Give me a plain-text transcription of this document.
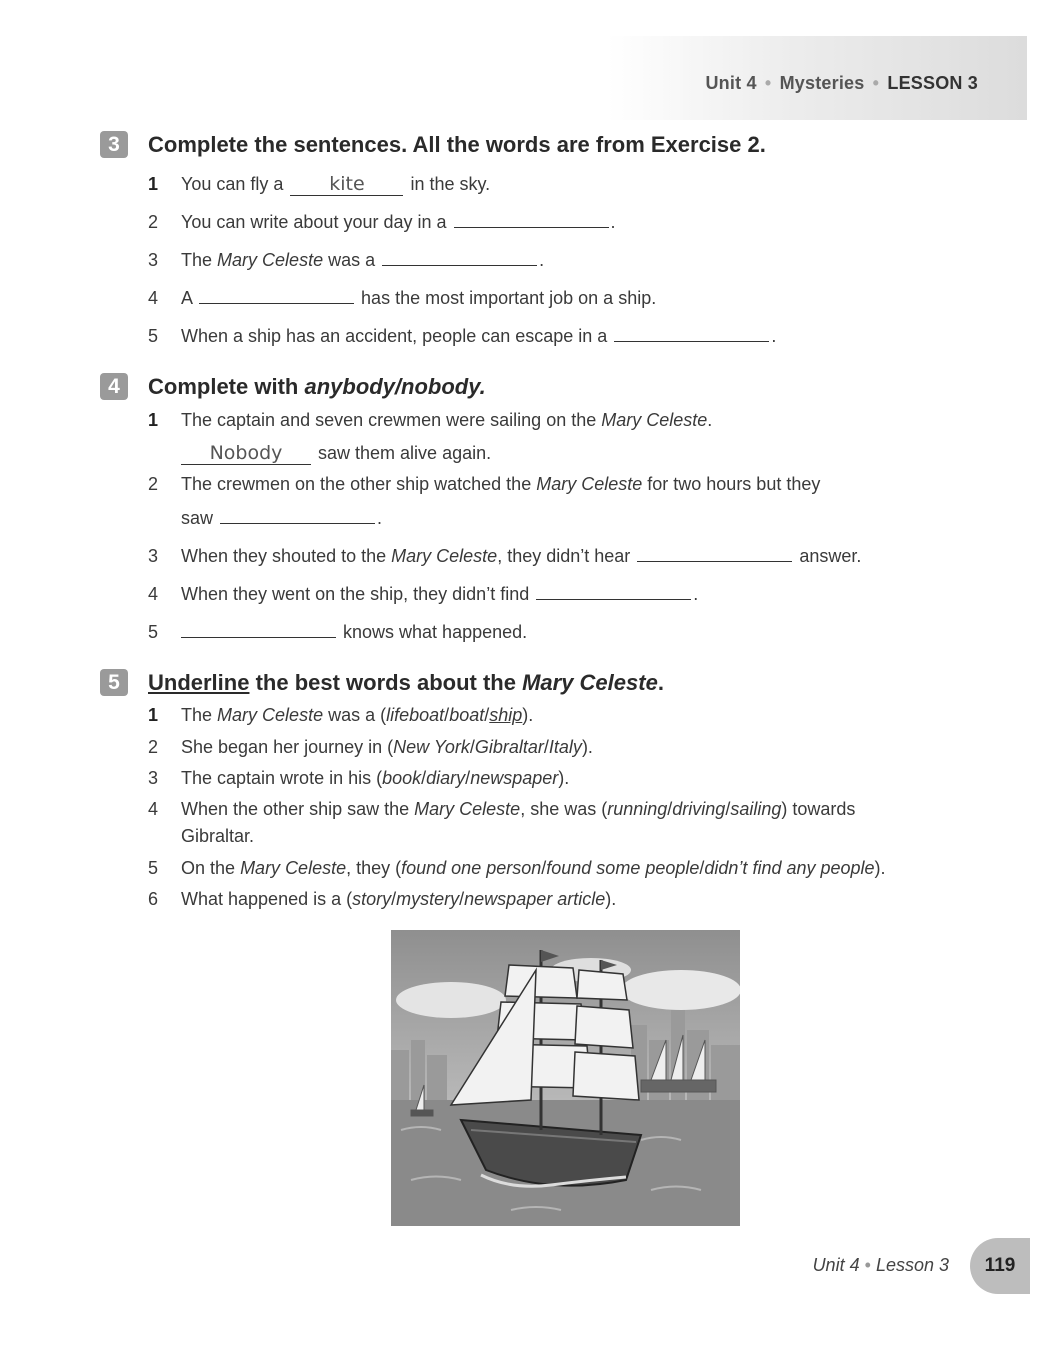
Unit 4 • Mysteries • LESSON 3
3	Complete the sentences. All the words are from Exercise 2.
1 You can fly a kite	in the sky.
2 You can write about your day in a	.
3 The Mary Celeste was a	.
4 A	has the most important job on a ship.
5 When a ship has an accident, people can escape in a	.
4	Complete with
anybody/nobody.
1 The captain and seven crewmen were sailing on the Mary Celeste.
Nobody saw them alive again.
2 The crewmen on the other ship watched the Mary Celeste for two hours but they
saw	.
3 When they shouted to the Mary Celeste, they didn’t hear	answer.
4 When they went on the ship, they didn’t find	.
5	knows what happened.
5	Underline
the best words about the
Mary Celeste .
1 The Mary Celeste was a (lifeboat/boat/ship).
2 She began her journey in (New York/Gibraltar/Italy).
3 The captain wrote in his (book/diary/newspaper).
4 When the other ship saw the Mary Celeste, she was (running/driving/sailing) towards
Gibraltar.
5 On the Mary Celeste, they (found one person/found some people/didn’t find any people).
6 What happened is a (story/mystery/newspaper article).
Unit 4 • Lesson 3	119
